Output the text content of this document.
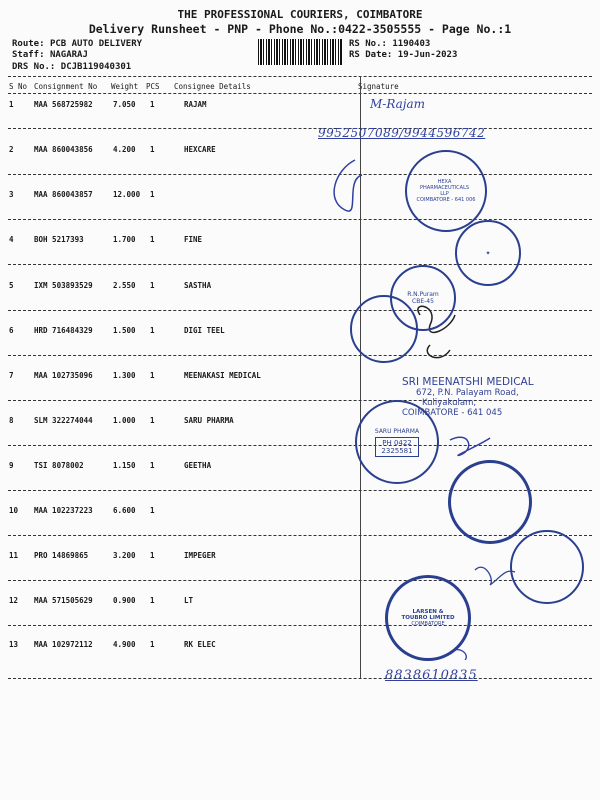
THE PROFESSIONAL COURIERS, COIMBATORE
Delivery Runsheet - PNP - Phone No.:0422-3505555 - Page No.:1
Route: PCB AUTO DELIVERY
Staff: NAGARAJ
DRS No.: DCJB119040301
RS No.: 1190403
RS Date: 19-Jun-2023
S No Consignment No Weight PCS Consignee Details	Signature
1	MAA 568725982	7.050 1	RAJAM
2	MAA 860043856	4.200 1	HEXCARE
3	MAA 860043857	12.000 1
4	BOH 5217393	1.700 1	FINE
5	IXM 503893529	2.550 1	SASTHA
6	HRD 716484329	1.500 1	DIGI TEEL
7	MAA 102735096	1.300 1	MEENAKASI MEDICAL
8	SLM 322274044	1.000 1	SARU PHARMA
9	TSI 8078002	1.150 1	GEETHA
10 MAA 102237223	6.600 1
11 PRO 14869865	3.200 1	IMPEGER
12 MAA 571505629	0.900 1	LT
13 MAA 102972112	4.900 1	RK ELEC
M-Rajam
9952507089/9944596742
8838610835
HEXA PHARMACEUTICALS LLP
COIMBATORE - 641 006
✦
R.N.Puram CBE-45
SRI MEENATSHI MEDICAL
672, P.N. Palayam Road,
Kuliyakulam,
COIMBATORE - 641 045
SARU PHARMA
PH 0422
2325581
LARSEN & TOUBRO LIMITED
COIMBATORE
